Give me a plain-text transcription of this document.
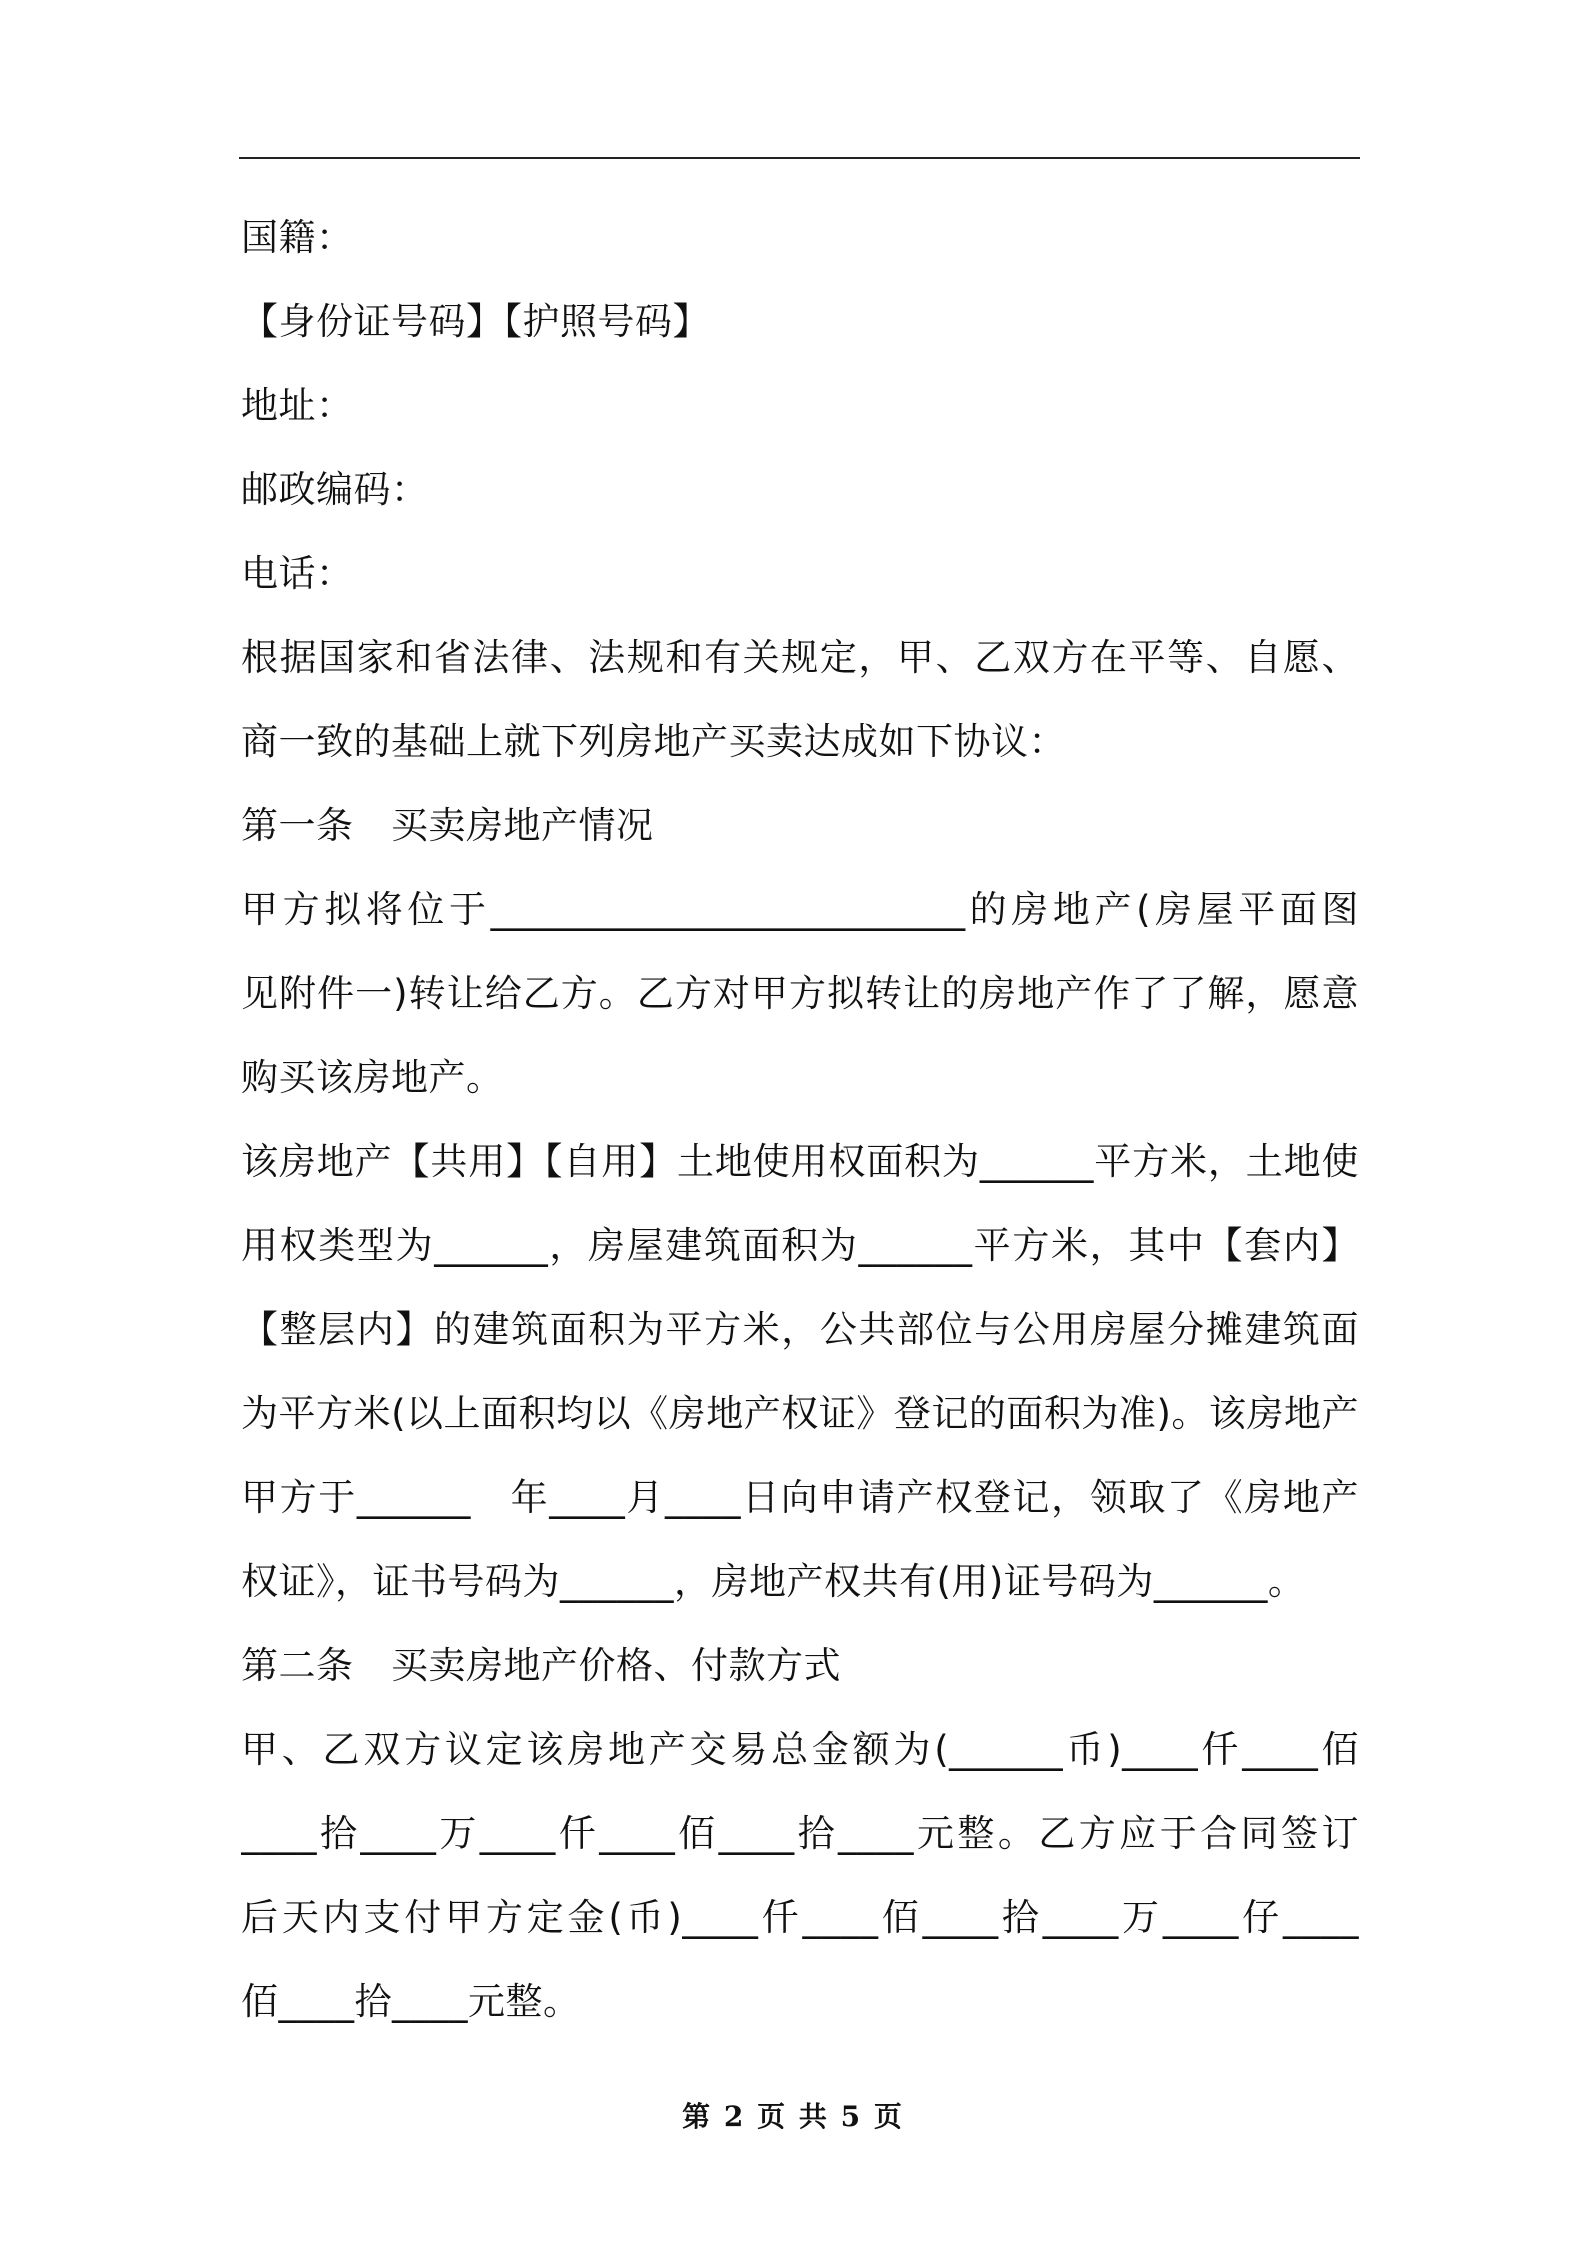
国籍：
【身份证号码】【护照号码】
地址：
邮政编码：
电话：
根据国家和省法律、法规和有关规定，甲、乙双方在平等、自愿、
商一致的基础上就下列房地产买卖达成如下协议：
第一条　买卖房地产情况
甲方拟将位于_________________________的房地产(房屋平面图
见附件一)转让给乙方。乙方对甲方拟转让的房地产作了了解，愿意
购买该房地产。
该房地产【共用】【自用】土地使用权面积为______平方米，土地使
用权类型为______，房屋建筑面积为______平方米，其中【套内】
【整层内】的建筑面积为平方米，公共部位与公用房屋分摊建筑面
为平方米(以上面积均以《房地产权证》登记的面积为准)。该房地产
甲方于______　年____月____日向申请产权登记，领取了《房地产
权证》，证书号码为______，房地产权共有(用)证号码为______。
第二条　买卖房地产价格、付款方式
甲、乙双方议定该房地产交易总金额为(______币)____仟____佰
____拾____万____仟____佰____拾____元整。乙方应于合同签订
后天内支付甲方定金(币)____仟____佰____拾____万____仔____
佰____拾____元整。
第 2 页 共 5 页
